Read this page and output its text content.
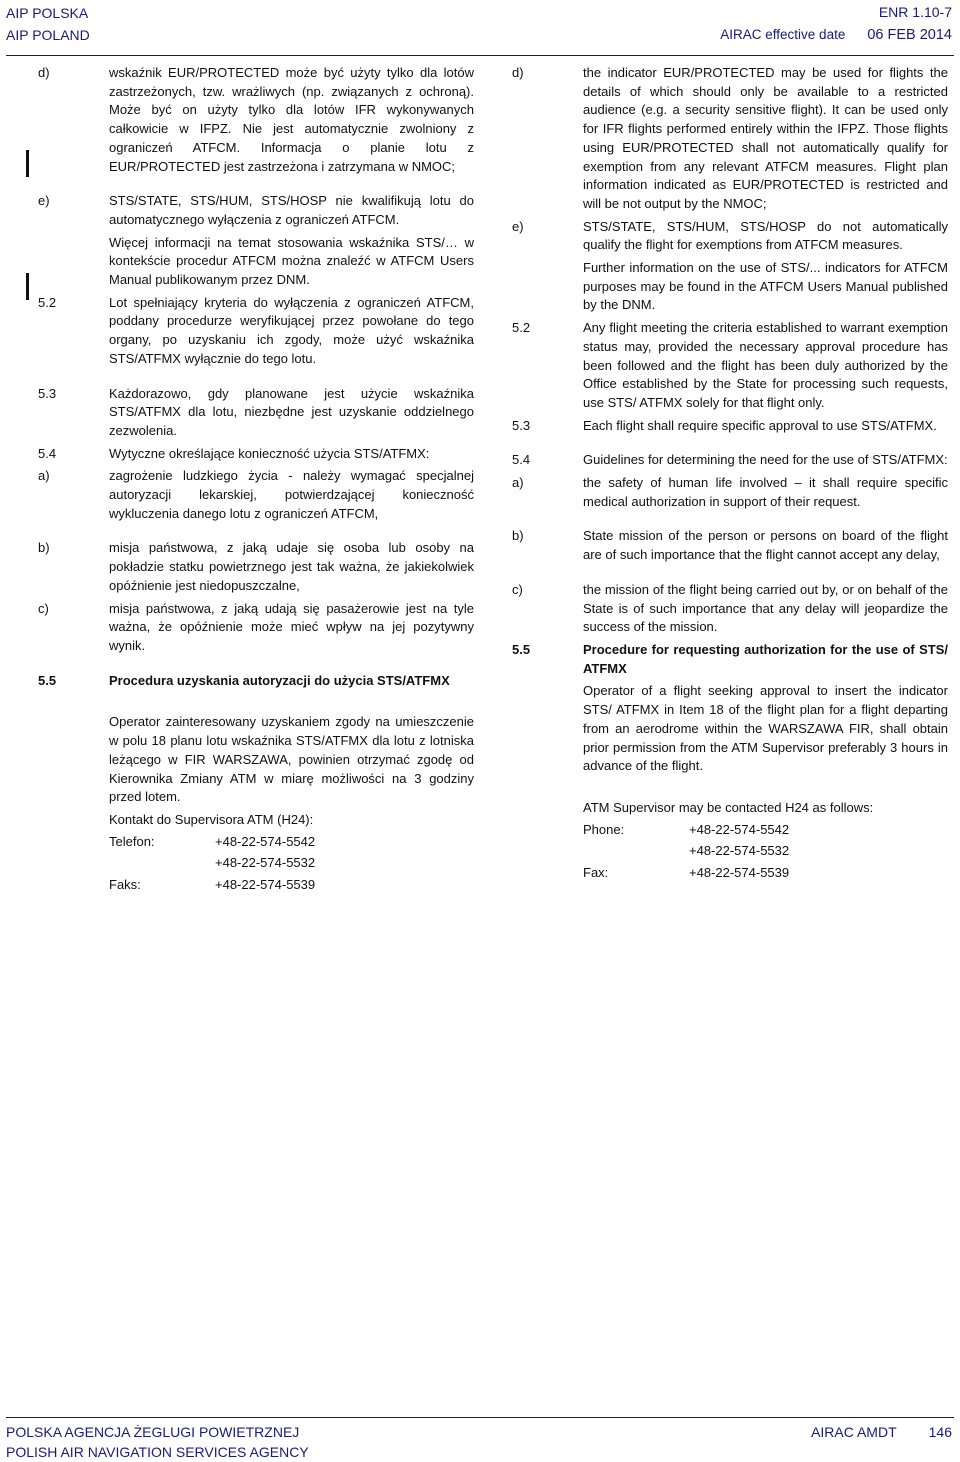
AIP POLSKA
AIP POLAND
ENR 1.10-7
AIRAC effective date 06 FEB 2014
d)	wskaźnik EUR/PROTECTED może być użyty tylko dla lotów zastrzeżonych, tzw. wrażliwych (np. związanych z ochroną). Może być on użyty tylko dla lotów IFR wykonywanych całkowicie w IFPZ. Nie jest automatycznie zwolniony z ograniczeń ATFCM. Informacja o planie lotu z EUR/PROTECTED jest zastrzeżona i zatrzymana w NMOC;
e)	STS/STATE, STS/HUM, STS/HOSP nie kwalifikują lotu do automatycznego wyłączenia z ograniczeń ATFCM.
Więcej informacji na temat stosowania wskaźnika STS/… w kontekście procedur ATFCM można znaleźć w ATFCM Users Manual publikowanym przez DNM.
5.2	Lot spełniający kryteria do wyłączenia z ograniczeń ATFCM, poddany procedurze weryfikującej przez powołane do tego organy, po uzyskaniu ich zgody, może użyć wskaźnika STS/ATFMX wyłącznie do tego lotu.
5.3	Każdorazowo, gdy planowane jest użycie wskaźnika STS/ATFMX dla lotu, niezbędne jest uzyskanie oddzielnego zezwolenia.
5.4	Wytyczne określające konieczność użycia STS/ATFMX:
a)	zagrożenie ludzkiego życia - należy wymagać specjalnej autoryzacji lekarskiej, potwierdzającej konieczność wykluczenia danego lotu z ograniczeń ATFCM,
b)	misja państwowa, z jaką udaje się osoba lub osoby na pokładzie statku powietrznego jest tak ważna, że jakiekolwiek opóźnienie jest niedopuszczalne,
c)	misja państwowa, z jaką udają się pasażerowie jest na tyle ważna, że opóźnienie może mieć wpływ na jej pozytywny wynik.
5.5	Procedura uzyskania autoryzacji do użycia STS/ATFMX
Operator zainteresowany uzyskaniem zgody na umieszczenie w polu 18 planu lotu wskaźnika STS/ATFMX dla lotu z lotniska leżącego w FIR WARSZAWA, powinien otrzymać zgodę od Kierownika Zmiany ATM w miarę możliwości na 3 godziny przed lotem.
Kontakt do Supervisora ATM (H24):
Telefon:	+48-22-574-5542
+48-22-574-5532
Faks:	+48-22-574-5539
d)	the indicator EUR/PROTECTED may be used for flights the details of which should only be available to a restricted audience (e.g. a security sensitive flight). It can be used only for IFR flights performed entirely within the IFPZ. Those flights using EUR/PROTECTED shall not automatically qualify for exemption from any relevant ATFCM measures. Flight plan information indicated as EUR/PROTECTED is restricted and will be not output by the NMOC;
e)	STS/STATE, STS/HUM, STS/HOSP do not automatically qualify the flight for exemptions from ATFCM measures.
Further information on the use of STS/... indicators for ATFCM purposes may be found in the ATFCM Users Manual published by the DNM.
5.2	Any flight meeting the criteria established to warrant exemption status may, provided the necessary approval procedure has been followed and the flight has been duly authorized by the Office established by the State for processing such requests, use STS/ ATFMX solely for that flight only.
5.3	Each flight shall require specific approval to use STS/ATFMX.
5.4	Guidelines for determining the need for the use of STS/ATFMX:
a)	the safety of human life involved – it shall require specific medical authorization in support of their request.
b)	State mission of the person or persons on board of the flight are of such importance that the flight cannot accept any delay,
c)	the mission of the flight being carried out by, or on behalf of the State is of such importance that any delay will jeopardize the success of the mission.
5.5	Procedure for requesting authorization for the use of STS/ ATFMX
Operator of a flight seeking approval to insert the indicator STS/ ATFMX in Item 18 of the flight plan for a flight departing from an aerodrome within the WARSZAWA FIR, shall obtain prior permission from the ATM Supervisor preferably 3 hours in advance of the flight.
ATM Supervisor may be contacted H24 as follows:
Phone:	+48-22-574-5542
+48-22-574-5532
Fax:	+48-22-574-5539
POLSKA AGENCJA ŻEGLUGI POWIETRZNEJ
POLISH AIR NAVIGATION SERVICES AGENCY
AIRAC AMDT 146
